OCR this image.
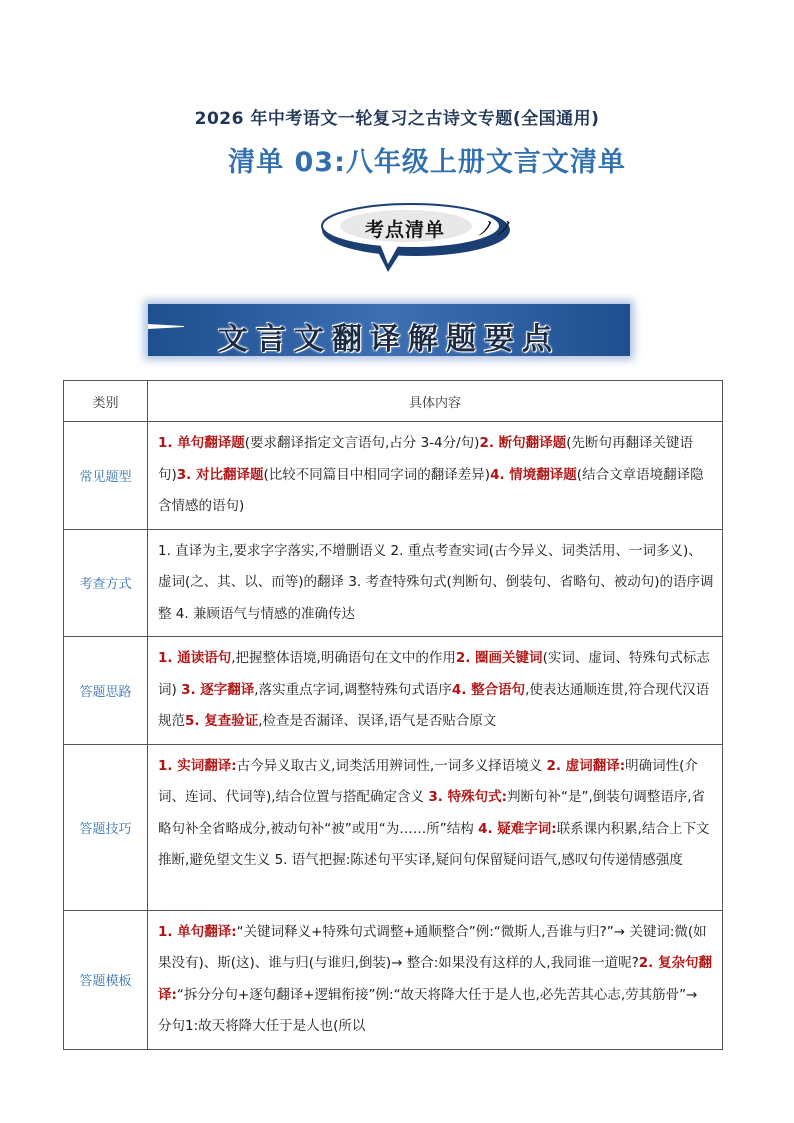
2026 年中考语文一轮复习之古诗文专题(全国通用)
清单 03:八年级上册文言文清单
考点清单	ノノ
文言文翻译解题要点
类别	具体内容
常见题型	1. 单句翻译题(要求翻译指定文言语句,占分 3-4分/句)2. 断句翻译题(先断句再翻译关键语句)3. 对比翻译题(比较不同篇目中相同字词的翻译差异)4. 情境翻译题(结合文章语境翻译隐含情感的语句)
考查方式	1. 直译为主,要求字字落实,不增删语义 2. 重点考查实词(古今异义、词类活用、一词多义)、虚词(之、其、以、而等)的翻译 3. 考查特殊句式(判断句、倒装句、省略句、被动句)的语序调整 4. 兼顾语气与情感的准确传达
答题思路	1. 通读语句,把握整体语境,明确语句在文中的作用2. 圈画关键词(实词、虚词、特殊句式标志词) 3. 逐字翻译,落实重点字词,调整特殊句式语序4. 整合语句,使表达通顺连贯,符合现代汉语规范5. 复查验证,检查是否漏译、误译,语气是否贴合原文
答题技巧	1. 实词翻译:古今异义取古义,词类活用辨词性,一词多义择语境义 2. 虚词翻译:明确词性(介词、连词、代词等),结合位置与搭配确定含义 3. 特殊句式:判断句补“是”,倒装句调整语序,省略句补全省略成分,被动句补“被”或用“为……所”结构 4. 疑难字词:联系课内积累,结合上下文推断,避免望文生义 5. 语气把握:陈述句平实译,疑问句保留疑问语气,感叹句传递情感强度
答题模板	1. 单句翻译:“关键词释义+特殊句式调整+通顺整合”例:“微斯人,吾谁与归?”→ 关键词:微(如果没有)、斯(这)、谁与归(与谁归,倒装)→ 整合:如果没有这样的人,我同谁一道呢?2. 复杂句翻译:“拆分分句+逐句翻译+逻辑衔接”例:“故天将降大任于是人也,必先苦其心志,劳其筋骨”→ 分句1:故天将降大任于是人也(所以
